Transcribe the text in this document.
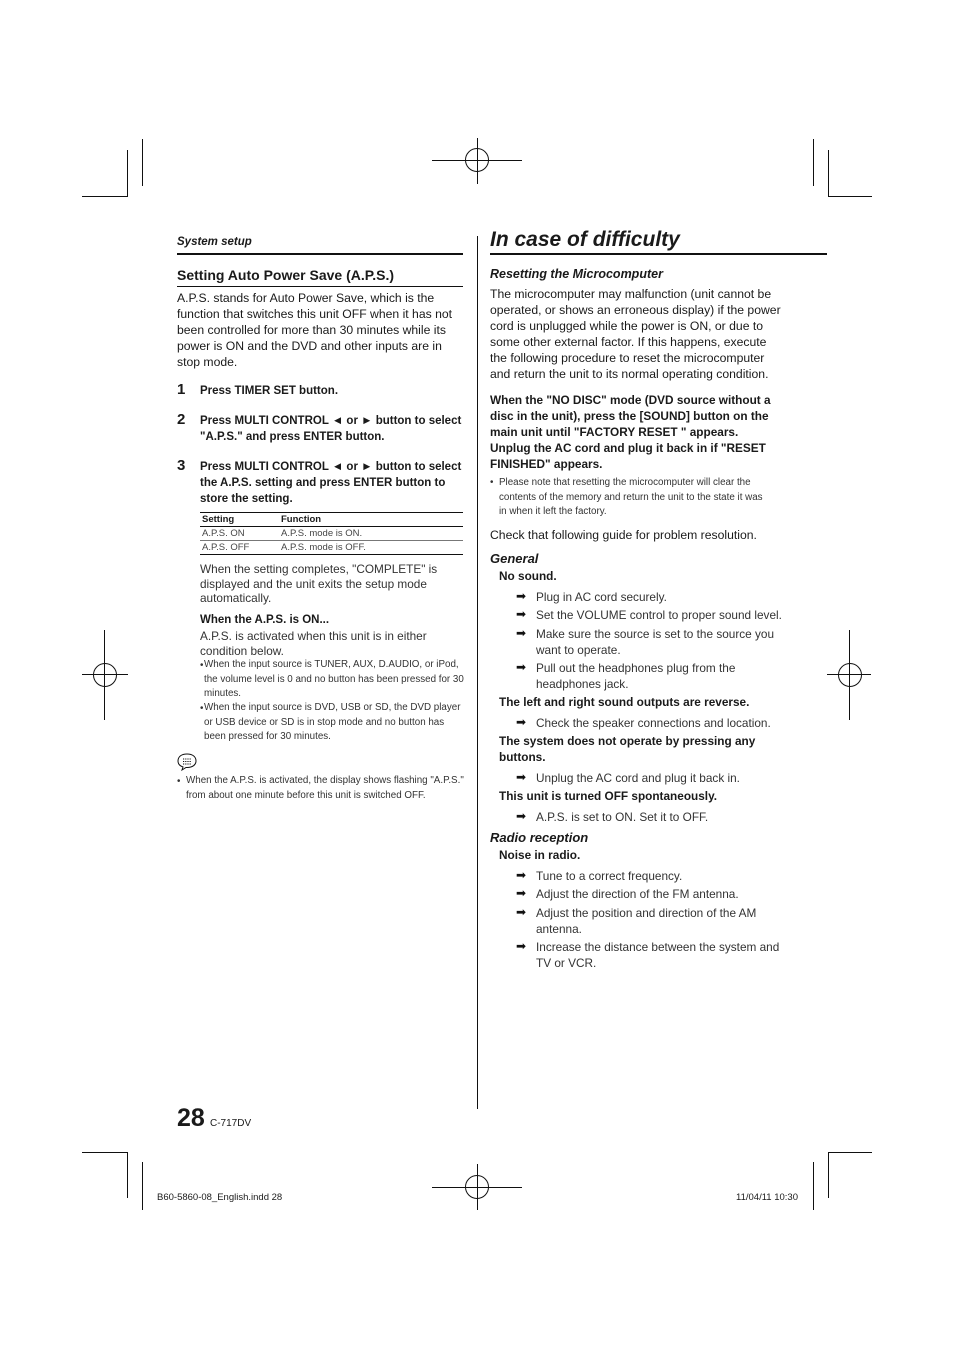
System setup
Setting Auto Power Save (A.P.S.)
A.P.S. stands for Auto Power Save, which is the function that switches this unit OFF when it has not been controlled for more than 30 minutes while its power is ON and the DVD and other inputs are in stop mode.
1 Press TIMER SET button.
2 Press MULTI CONTROL ◄ or ► button to select "A.P.S." and press ENTER button.
3 Press MULTI CONTROL ◄ or ► button to select the A.P.S. setting and press ENTER button to store the setting.
Setting	Function
A.P.S. ON	A.P.S. mode is ON.
A.P.S. OFF	A.P.S. mode is OFF.
When the setting completes, "COMPLETE" is displayed and the unit exits the setup mode automatically.
When the A.P.S. is ON...
A.P.S. is activated when this unit is in either condition below.
• When the input source is TUNER, AUX, D.AUDIO, or iPod, the volume level is 0 and no button has been pressed for 30 minutes.
• When the input source is DVD, USB or SD, the DVD player or USB device or SD is in stop mode and no button has been pressed for 30 minutes.
• When the A.P.S. is activated, the display shows flashing "A.P.S." from about one minute before this unit is switched OFF.
28 C-717DV
In case of difficulty
Resetting the Microcomputer
The microcomputer may malfunction (unit cannot be operated, or shows an erroneous display) if the power cord is unplugged while the power is ON, or due to some other external factor. If this happens, execute the following procedure to reset the microcomputer and return the unit to its normal operating condition.
When the "NO DISC" mode (DVD source without a disc in the unit), press the [SOUND] button on the main unit until "FACTORY RESET " appears. Unplug the AC cord and plug it back in if "RESET FINISHED" appears.
• Please note that resetting the microcomputer will clear the contents of the memory and return the unit to the state it was in when it left the factory.
Check that following guide for problem resolution.
General
No sound.
➡ Plug in AC cord securely.
➡ Set the VOLUME control to proper sound level.
➡ Make sure the source is set to the source you want to operate.
➡ Pull out the headphones plug from the headphones jack.
The left and right sound outputs are reverse.
➡ Check the speaker connections and location.
The system does not operate by pressing any buttons.
➡ Unplug the AC cord and plug it back in.
This unit is turned OFF spontaneously.
➡ A.P.S. is set to ON. Set it to OFF.
Radio reception
Noise in radio.
➡ Tune to a correct frequency.
➡ Adjust the direction of the FM antenna.
➡ Adjust the position and direction of the AM antenna.
➡ Increase the distance between the system and TV or VCR.
B60-5860-08_English.indd 28	11/04/11 10:30
